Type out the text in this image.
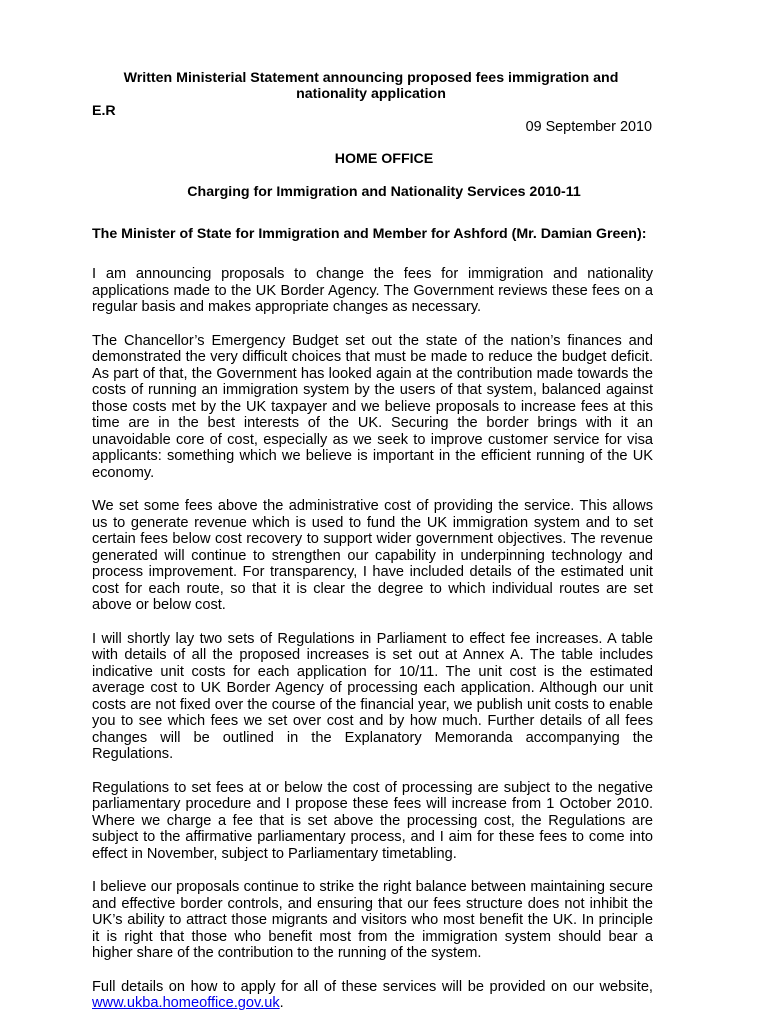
Written Ministerial Statement announcing proposed fees immigration and nationality application
E.R
09 September 2010
HOME OFFICE
Charging for Immigration and Nationality Services 2010-11
The Minister of State for Immigration and Member for Ashford (Mr. Damian Green):

I am announcing proposals to change the fees for immigration and nationality applications made to the UK Border Agency. The Government reviews these fees on a regular basis and makes appropriate changes as necessary.

The Chancellor’s Emergency Budget set out the state of the nation’s finances and demonstrated the very difficult choices that must be made to reduce the budget deficit. As part of that, the Government has looked again at the contribution made towards the costs of running an immigration system by the users of that system, balanced against those costs met by the UK taxpayer and we believe proposals to increase fees at this time are in the best interests of the UK. Securing the border brings with it an unavoidable core of cost, especially as we seek to improve customer service for visa applicants: something which we believe is important in the efficient running of the UK economy.

We set some fees above the administrative cost of providing the service. This allows us to generate revenue which is used to fund the UK immigration system and to set certain fees below cost recovery to support wider government objectives. The revenue generated will continue to strengthen our capability in underpinning technology and process improvement. For transparency, I have included details of the estimated unit cost for each route, so that it is clear the degree to which individual routes are set above or below cost.

I will shortly lay two sets of Regulations in Parliament to effect fee increases. A table with details of all the proposed increases is set out at Annex A. The table includes indicative unit costs for each application for 10/11. The unit cost is the estimated average cost to UK Border Agency of processing each application. Although our unit costs are not fixed over the course of the financial year, we publish unit costs to enable you to see which fees we set over cost and by how much. Further details of all fees changes will be outlined in the Explanatory Memoranda accompanying the Regulations.

Regulations to set fees at or below the cost of processing are subject to the negative parliamentary procedure and I propose these fees will increase from 1 October 2010. Where we charge a fee that is set above the processing cost, the Regulations are subject to the affirmative parliamentary process, and I aim for these fees to come into effect in November, subject to Parliamentary timetabling.

I believe our proposals continue to strike the right balance between maintaining secure and effective border controls, and ensuring that our fees structure does not inhibit the UK’s ability to attract those migrants and visitors who most benefit the UK. In principle it is right that those who benefit most from the immigration system should bear a higher share of the contribution to the running of the system.

Full details on how to apply for all of these services will be provided on our website, www.ukba.homeoffice.gov.uk.
